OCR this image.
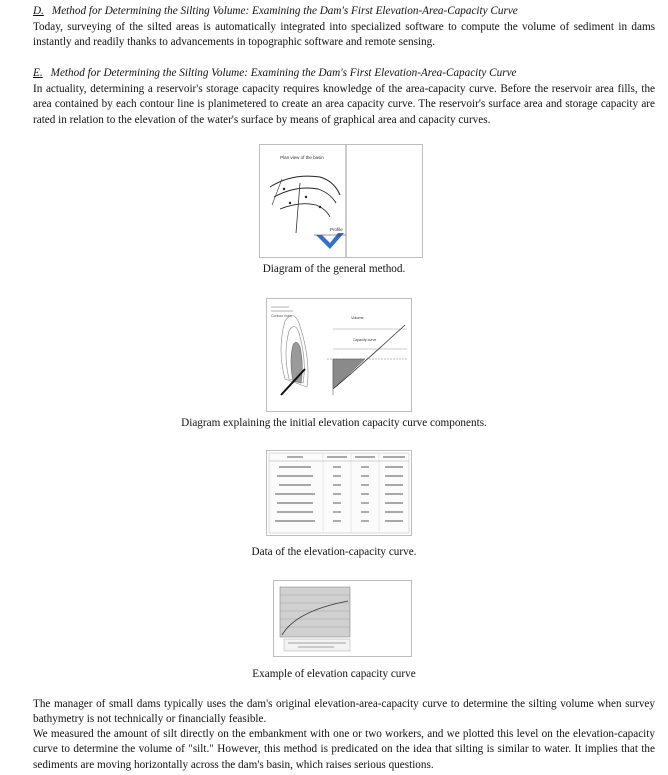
D. Method for Determining the Silting Volume: Examining the Dam's First Elevation-Area-Capacity Curve
Today, surveying of the silted areas is automatically integrated into specialized software to compute the volume of sediment in dams instantly and readily thanks to advancements in topographic software and remote sensing.
E. Method for Determining the Silting Volume: Examining the Dam's First Elevation-Area-Capacity Curve
In actuality, determining a reservoir's storage capacity requires knowledge of the area-capacity curve. Before the reservoir area fills, the area contained by each contour line is planimetered to create an area capacity curve. The reservoir's surface area and storage capacity are rated in relation to the elevation of the water's surface by means of graphical area and capacity curves.
Plan view of the basin
Profile
Diagram of the general method.
Contour lines	Volume
Capacity curve
Diagram explaining the initial elevation capacity curve components.
Data of the elevation-capacity curve.
Example of elevation capacity curve
The manager of small dams typically uses the dam's original elevation-area-capacity curve to determine the silting volume when survey bathymetry is not technically or financially feasible.
We measured the amount of silt directly on the embankment with one or two workers, and we plotted this level on the elevation-capacity curve to determine the volume of "silt." However, this method is predicated on the idea that silting is similar to water. It implies that the sediments are moving horizontally across the dam's basin, which raises serious questions.
